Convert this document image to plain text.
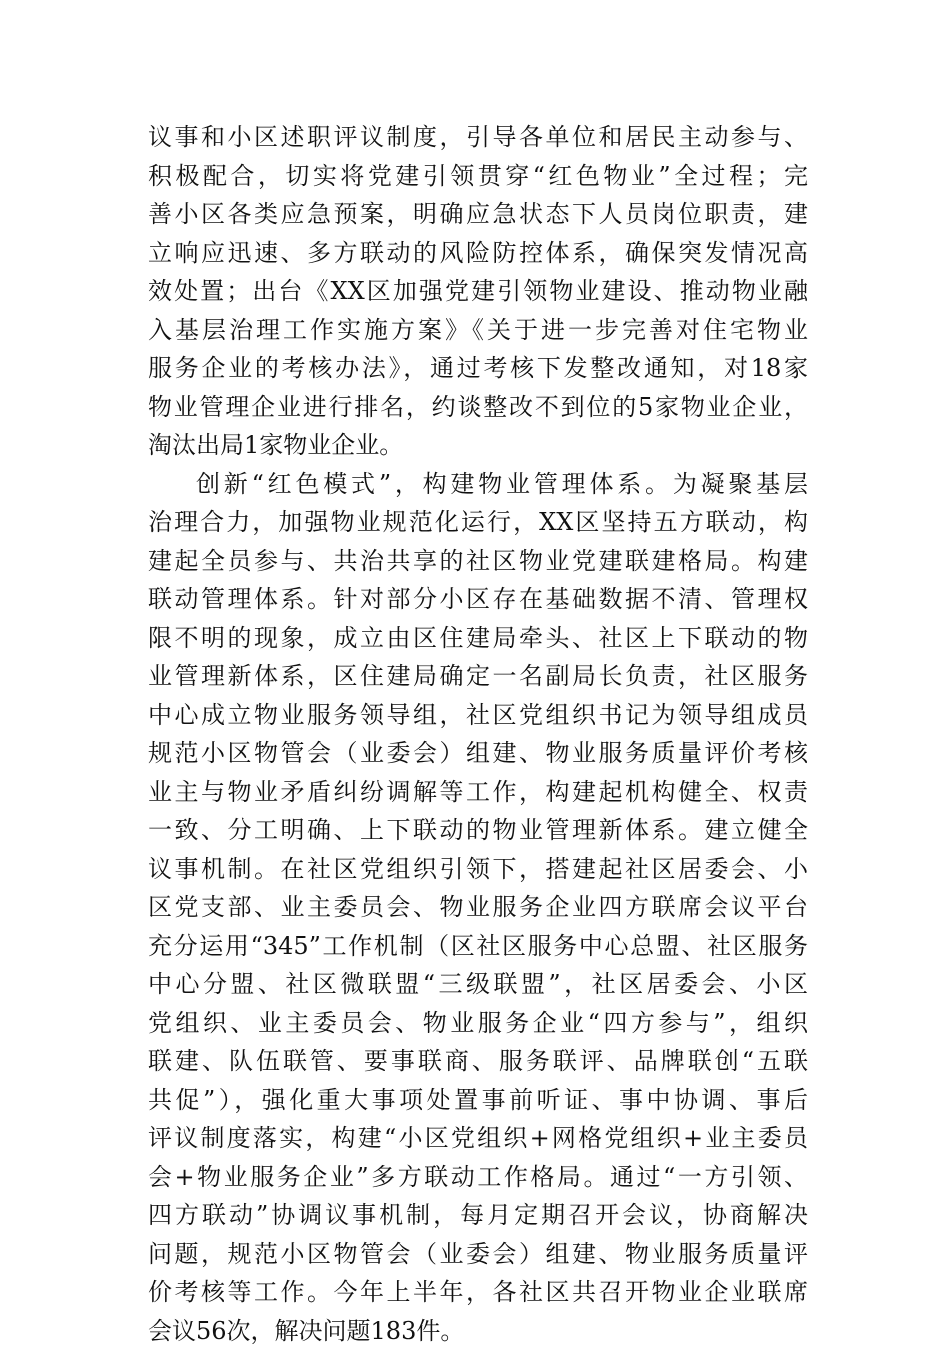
议事和小区述职评议制度，引导各单位和居民主动参与、
积极配合，切实将党建引领贯穿“红色物业”全过程；完
善小区各类应急预案，明确应急状态下人员岗位职责，建
立响应迅速、多方联动的风险防控体系，确保突发情况高
效处置；出台《XX区加强党建引领物业建设、推动物业融
入基层治理工作实施方案》《关于进一步完善对住宅物业
服务企业的考核办法》，通过考核下发整改通知，对18家
物业管理企业进行排名，约谈整改不到位的5家物业企业，
淘汰出局1家物业企业。
创新“红色模式”，构建物业管理体系。为凝聚基层
治理合力，加强物业规范化运行，XX区坚持五方联动，构
建起全员参与、共治共享的社区物业党建联建格局。构建
联动管理体系。针对部分小区存在基础数据不清、管理权
限不明的现象，成立由区住建局牵头、社区上下联动的物
业管理新体系，区住建局确定一名副局长负责，社区服务
中心成立物业服务领导组，社区党组织书记为领导组成员
规范小区物管会（业委会）组建、物业服务质量评价考核
业主与物业矛盾纠纷调解等工作，构建起机构健全、权责
一致、分工明确、上下联动的物业管理新体系。建立健全
议事机制。在社区党组织引领下，搭建起社区居委会、小
区党支部、业主委员会、物业服务企业四方联席会议平台
充分运用“345”工作机制（区社区服务中心总盟、社区服务
中心分盟、社区微联盟“三级联盟”，社区居委会、小区
党组织、业主委员会、物业服务企业“四方参与”，组织
联建、队伍联管、要事联商、服务联评、品牌联创“五联
共促”），强化重大事项处置事前听证、事中协调、事后
评议制度落实，构建“小区党组织+网格党组织+业主委员
会+物业服务企业”多方联动工作格局。通过“一方引领、
四方联动”协调议事机制，每月定期召开会议，协商解决
问题，规范小区物管会（业委会）组建、物业服务质量评
价考核等工作。今年上半年，各社区共召开物业企业联席
会议56次，解决问题183件。
